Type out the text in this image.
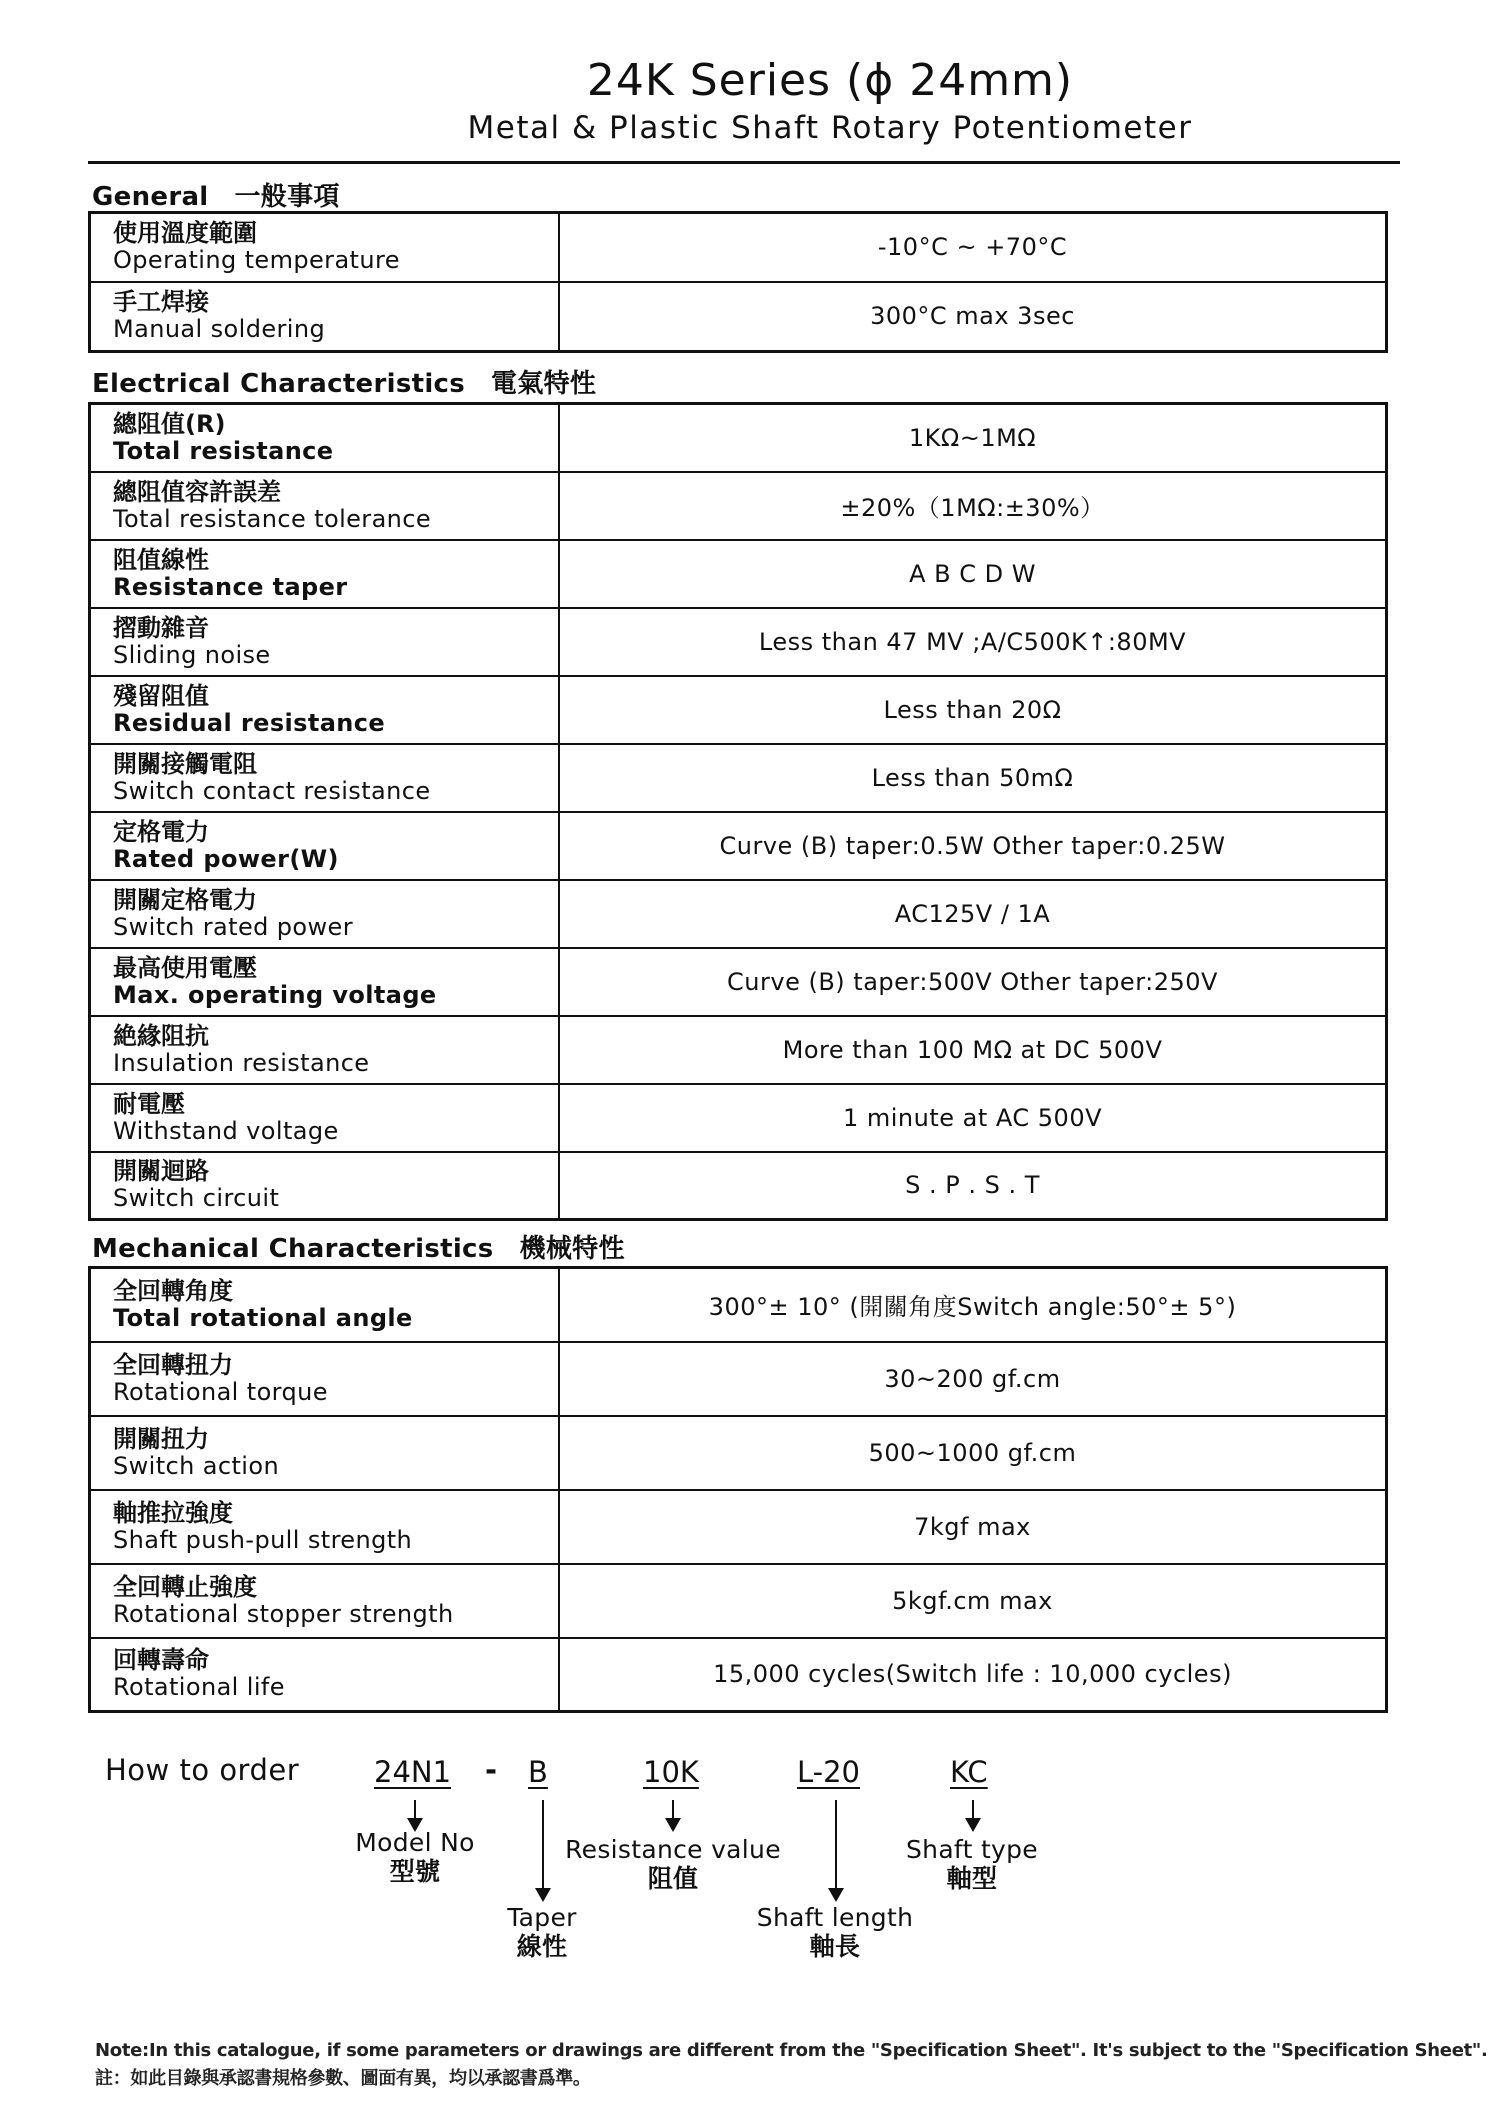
24K Series (ϕ 24mm)
Metal & Plastic Shaft Rotary Potentiometer
General 一般事項
使用溫度範圍
Operating temperature	-10°C ~ +70°C

手工焊接
Manual soldering	300°C max 3sec
Electrical Characteristics 電氣特性
總阻值(R)
Total resistance	1KΩ~1MΩ

總阻值容許誤差
Total resistance tolerance	±20%（1MΩ:±30%）

阻值線性
Resistance taper	A B C D W

摺動雜音
Sliding noise	Less than 47 MV ;A/C500K↑:80MV

殘留阻值
Residual resistance	Less than 20Ω

開關接觸電阻
Switch contact resistance	Less than 50mΩ

定格電力
Rated power(W)	Curve (B) taper:0.5W Other taper:0.25W

開關定格電力
Switch rated power	AC125V / 1A

最高使用電壓
Max. operating voltage	Curve (B) taper:500V Other taper:250V

絶緣阻抗
Insulation resistance	More than 100 MΩ at DC 500V

耐電壓
Withstand voltage	1 minute at AC 500V

開關迴路
Switch circuit	S . P . S . T
Mechanical Characteristics 機械特性
全回轉角度
Total rotational angle	300°± 10° (開關角度Switch angle:50°± 5°)

全回轉扭力
Rotational torque	30~200 gf.cm

開關扭力
Switch action	500~1000 gf.cm

軸推拉強度
Shaft push-pull strength	7kgf max

全回轉止強度
Rotational stopper strength	5kgf.cm max

回轉壽命
Rotational life	15,000 cycles(Switch life : 10,000 cycles)
How to order	24N1 - B	10K	L-20	KC
Model No
型號
Taper
線性
Resistance value
阻值
Shaft length
軸長
Shaft type
軸型
Note:In this catalogue, if some parameters or drawings are different from the "Specification Sheet". It's subject to the "Specification Sheet".
註：如此目錄與承認書規格參數、圖面有異，均以承認書爲準。
